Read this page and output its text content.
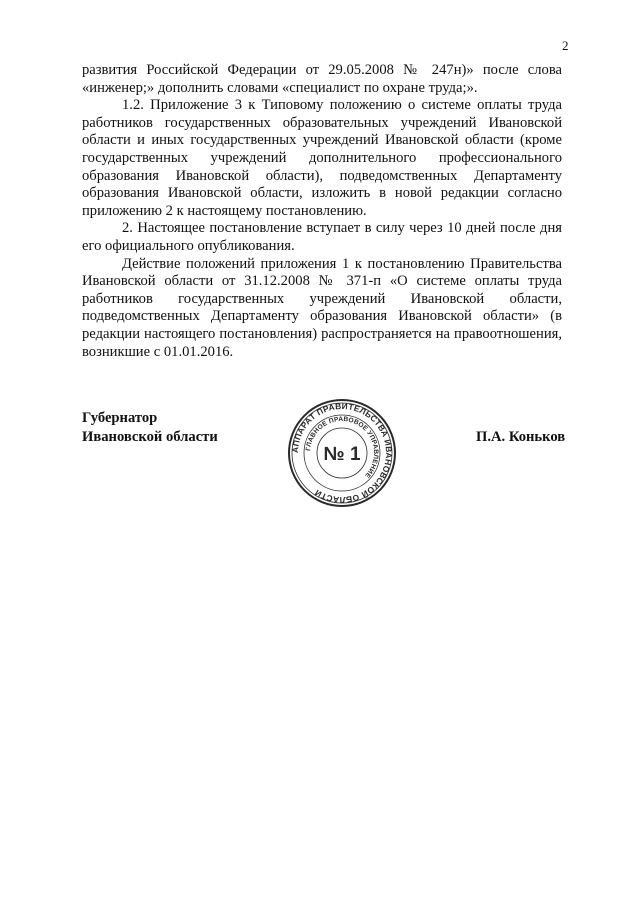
2

развития Российской Федерации от 29.05.2008 № 247н)» после слова «инженер;» дополнить словами «специалист по охране труда;».

1.2. Приложение 3 к Типовому положению о системе оплаты труда работников государственных образовательных учреждений Ивановской области и иных государственных учреждений Ивановской области (кроме государственных учреждений дополнительного профессионального образования Ивановской области), подведомственных Департаменту образования Ивановской области, изложить в новой редакции согласно приложению 2 к настоящему постановлению.

2. Настоящее постановление вступает в силу через 10 дней после дня его официального опубликования.

Действие положений приложения 1 к постановлению Правительства Ивановской области от 31.12.2008 № 371-п «О системе оплаты труда работников государственных учреждений Ивановской области, подведомственных Департаменту образования Ивановской области» (в редакции настоящего постановления) распространяется на правоотношения, возникшие с 01.01.2016.

Губернатор
Ивановской области	П.А. Коньков
АППАРАТ ПРАВИТЕЛЬСТВА ИВАНОВСКОЙ ОБЛАСТИ
ГЛАВНОЕ ПРАВОВОЕ УПРАВЛЕНИЕ
№ 1
